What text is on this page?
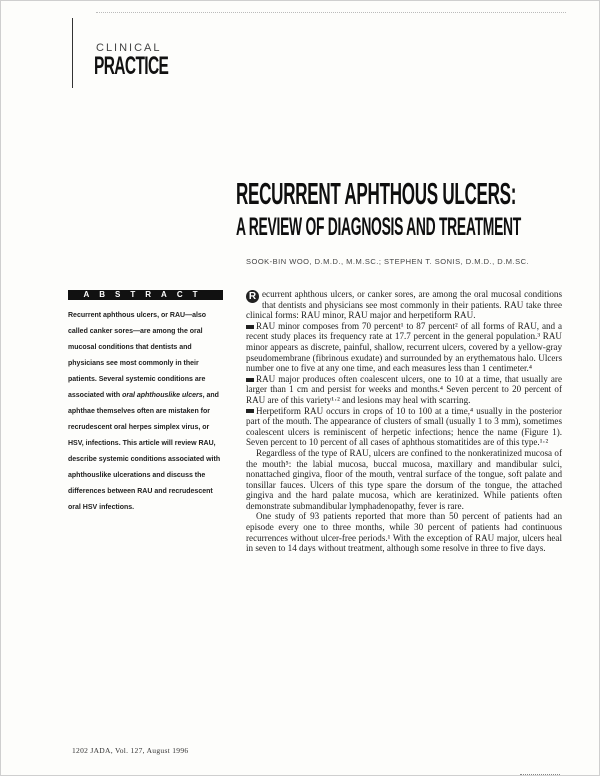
CLINICAL
PRACTICE
RECURRENT APHTHOUS ULCERS:
A REVIEW OF DIAGNOSIS AND TREATMENT
SOOK-BIN WOO, D.M.D., M.M.SC.; STEPHEN T. SONIS, D.M.D., D.M.SC.
ABSTRACT
Recurrent aphthous ulcers, or RAU—also called canker sores—are among the oral mucosal conditions that dentists and physicians see most commonly in their patients. Several systemic conditions are associated with oral aphthouslike ulcers, and aphthae themselves often are mistaken for recrudescent oral herpes simplex virus, or HSV, infections. This article will review RAU, describe systemic conditions associated with aphthouslike ulcerations and discuss the differences between RAU and recrudescent oral HSV infections.

R ecurrent aphthous ulcers, or canker sores, are among the oral mucosal conditions that dentists and physicians see most commonly in their patients. RAU take three clinical forms: RAU minor, RAU major and herpetiform RAU.

RAU minor composes from 70 percent¹ to 87 percent² of all forms of RAU, and a recent study places its frequency rate at 17.7 percent in the general population.³ RAU minor appears as discrete, painful, shallow, recurrent ulcers, covered by a yellow-gray pseudomembrane (fibrinous exudate) and surrounded by an erythematous halo. Ulcers number one to five at any one time, and each measures less than 1 centimeter.⁴

RAU major produces often coalescent ulcers, one to 10 at a time, that usually are larger than 1 cm and persist for weeks and months.⁴ Seven percent to 20 percent of RAU are of this variety¹·² and lesions may heal with scarring.

Herpetiform RAU occurs in crops of 10 to 100 at a time,⁴ usually in the posterior part of the mouth. The appearance of clusters of small (usually 1 to 3 mm), sometimes coalescent ulcers is reminiscent of herpetic infections; hence the name (Figure 1). Seven percent to 10 percent of all cases of aphthous stomatitides are of this type.¹·²

Regardless of the type of RAU, ulcers are confined to the nonkeratinized mucosa of the mouth⁵: the labial mucosa, buccal mucosa, maxillary and mandibular sulci, nonattached gingiva, floor of the mouth, ventral surface of the tongue, soft palate and tonsillar fauces. Ulcers of this type spare the dorsum of the tongue, the attached gingiva and the hard palate mucosa, which are keratinized. While patients often demonstrate submandibular lymphadenopathy, fever is rare.

One study of 93 patients reported that more than 50 percent of patients had an episode every one to three months, while 30 percent of patients had continuous recurrences without ulcer-free periods.¹ With the exception of RAU major, ulcers heal in seven to 14 days without treatment, although some resolve in three to five days.

1202 JADA, Vol. 127, August 1996
